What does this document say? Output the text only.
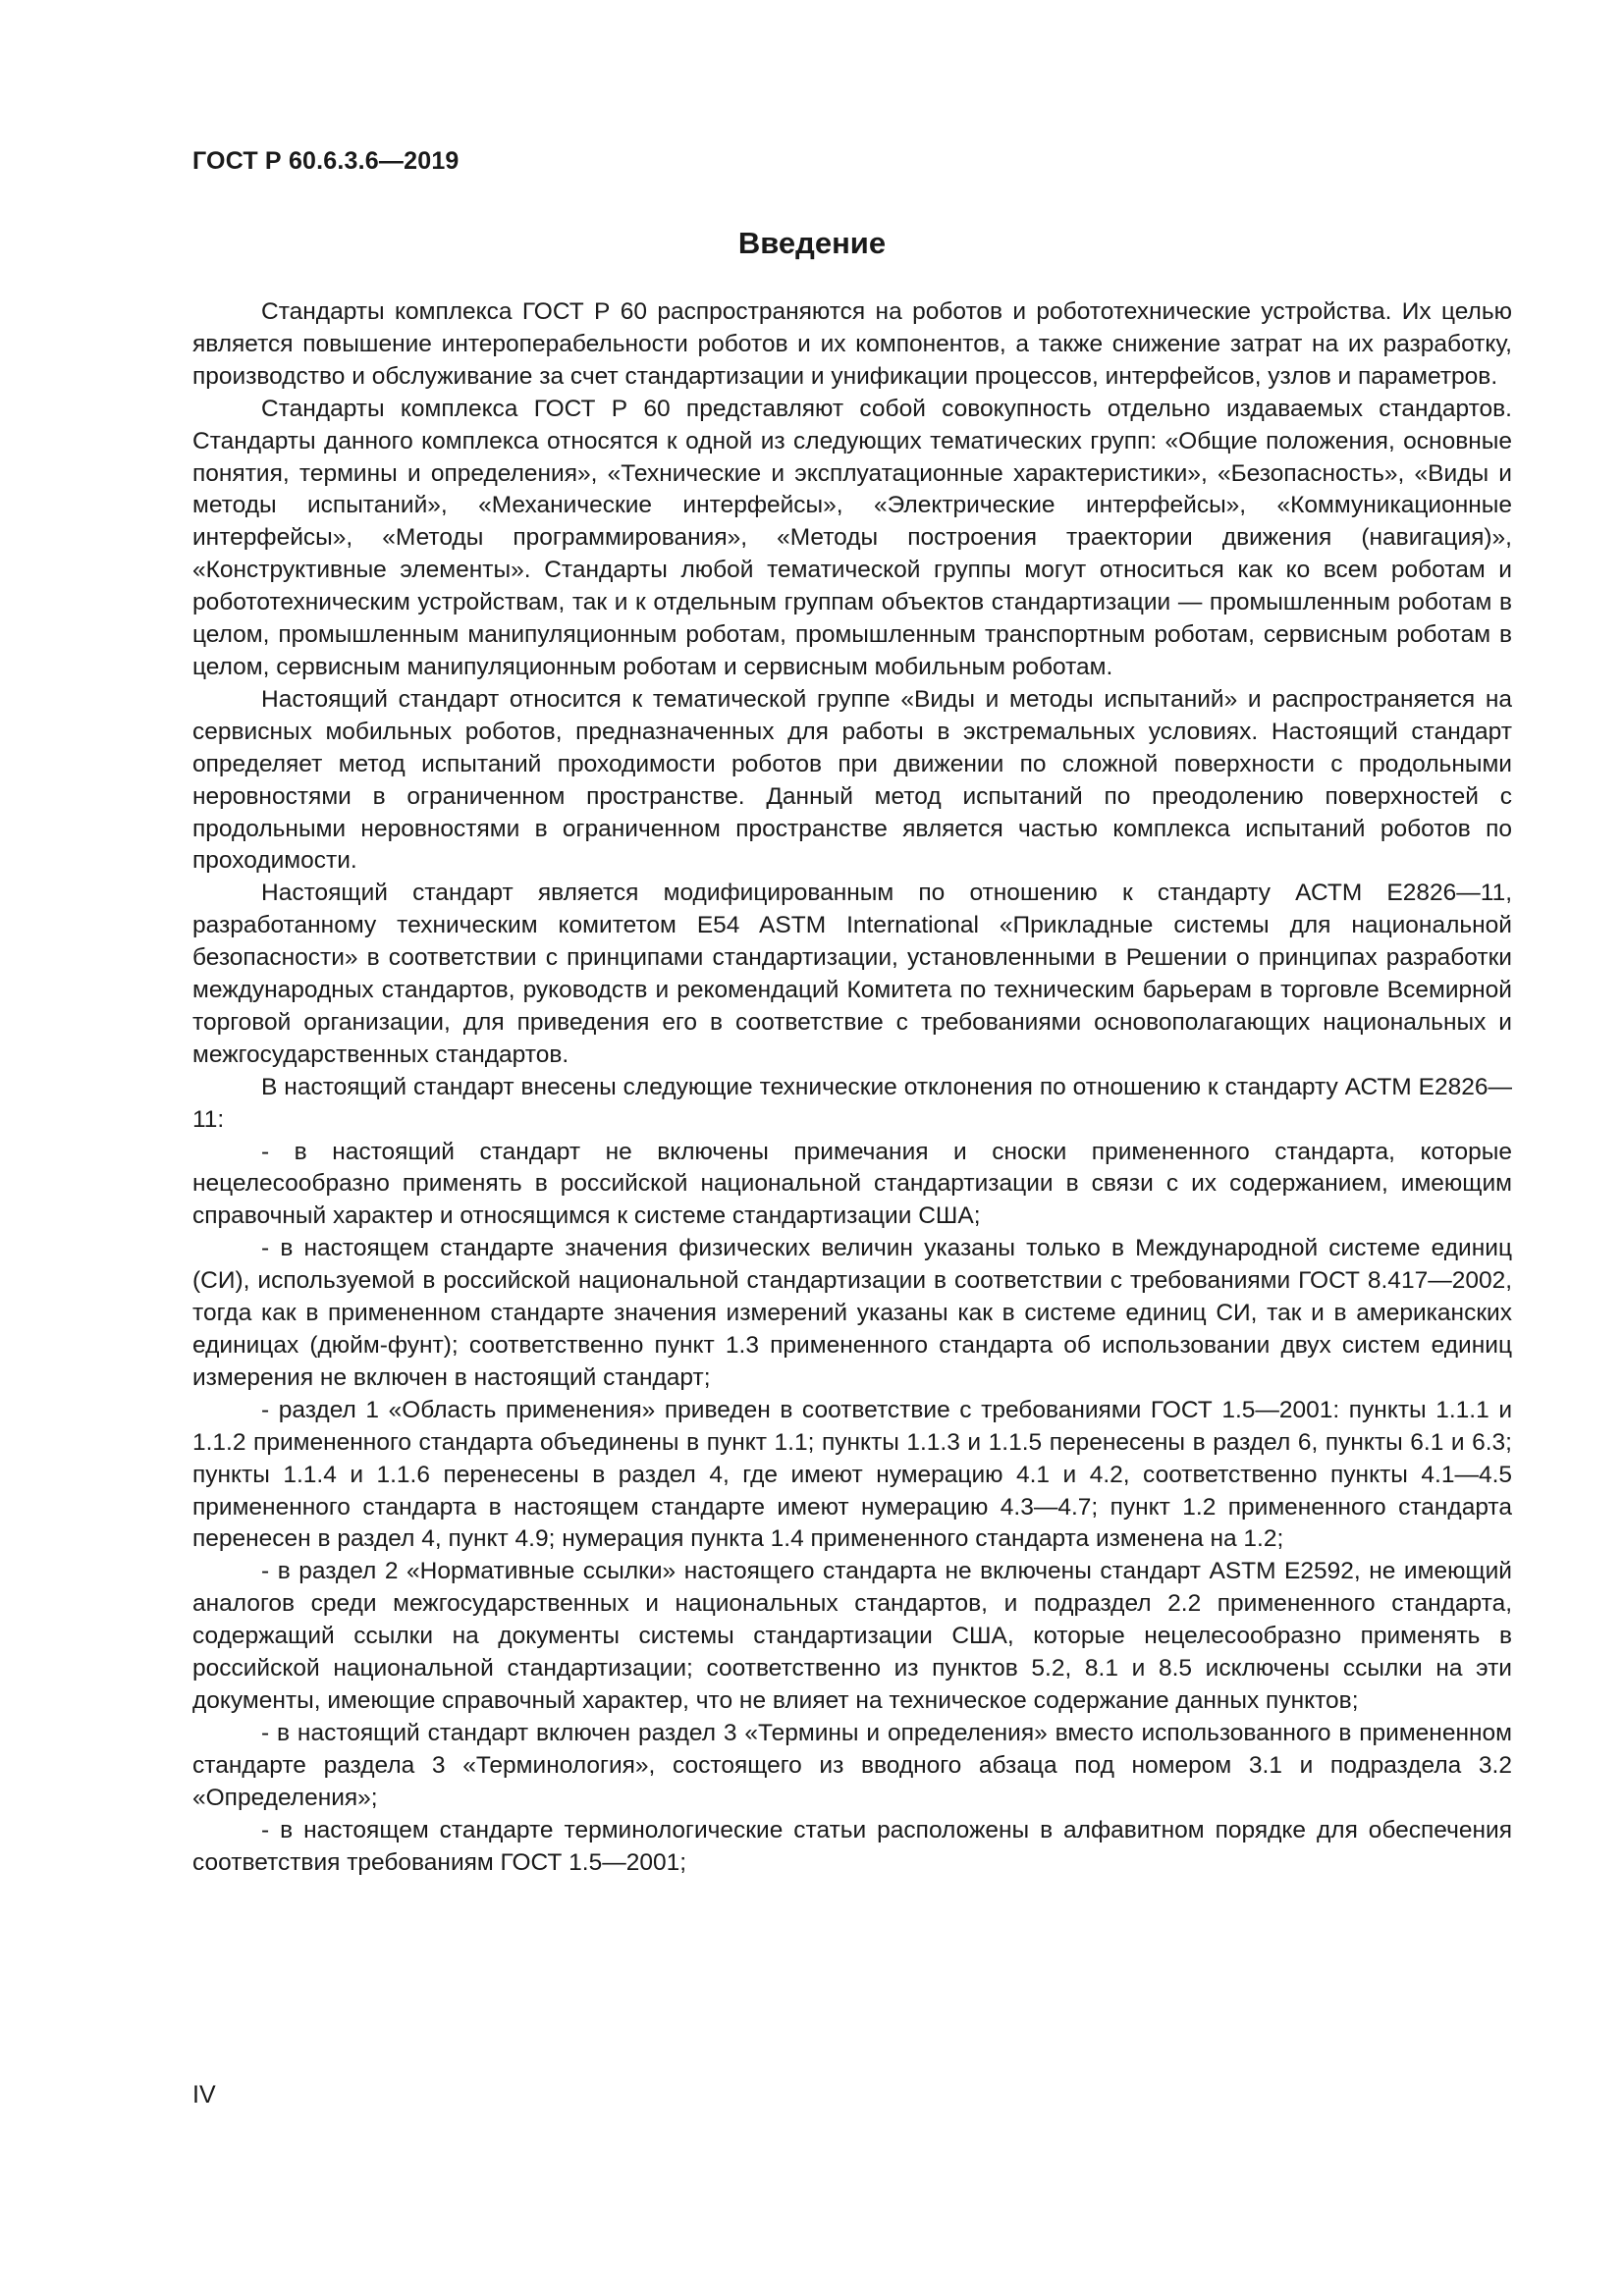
ГОСТ Р 60.6.3.6—2019
Введение

Стандарты комплекса ГОСТ Р 60 распространяются на роботов и робототехнические устройства. Их целью является повышение интероперабельности роботов и их компонентов, а также снижение затрат на их разработку, производство и обслуживание за счет стандартизации и унификации процессов, интерфейсов, узлов и параметров.

Стандарты комплекса ГОСТ Р 60 представляют собой совокупность отдельно издаваемых стандартов. Стандарты данного комплекса относятся к одной из следующих тематических групп: «Общие положения, основные понятия, термины и определения», «Технические и эксплуатационные характеристики», «Безопасность», «Виды и методы испытаний», «Механические интерфейсы», «Электрические интерфейсы», «Коммуникационные интерфейсы», «Методы программирования», «Методы построения траектории движения (навигация)», «Конструктивные элементы». Стандарты любой тематической группы могут относиться как ко всем роботам и робототехническим устройствам, так и к отдельным группам объектов стандартизации — промышленным роботам в целом, промышленным манипуляционным роботам, промышленным транспортным роботам, сервисным роботам в целом, сервисным манипуляционным роботам и сервисным мобильным роботам.

Настоящий стандарт относится к тематической группе «Виды и методы испытаний» и распространяется на сервисных мобильных роботов, предназначенных для работы в экстремальных условиях. Настоящий стандарт определяет метод испытаний проходимости роботов при движении по сложной поверхности с продольными неровностями в ограниченном пространстве. Данный метод испытаний по преодолению поверхностей с продольными неровностями в ограниченном пространстве является частью комплекса испытаний роботов по проходимости.

Настоящий стандарт является модифицированным по отношению к стандарту АСТМ Е2826—11, разработанному техническим комитетом E54 ASTM International «Прикладные системы для национальной безопасности» в соответствии с принципами стандартизации, установленными в Решении о принципах разработки международных стандартов, руководств и рекомендаций Комитета по техническим барьерам в торговле Всемирной торговой организации, для приведения его в соответствие с требованиями основополагающих национальных и межгосударственных стандартов.

В настоящий стандарт внесены следующие технические отклонения по отношению к стандарту АСТМ Е2826—11:

- в настоящий стандарт не включены примечания и сноски примененного стандарта, которые нецелесообразно применять в российской национальной стандартизации в связи с их содержанием, имеющим справочный характер и относящимся к системе стандартизации США;

- в настоящем стандарте значения физических величин указаны только в Международной системе единиц (СИ), используемой в российской национальной стандартизации в соответствии с требованиями ГОСТ 8.417—2002, тогда как в примененном стандарте значения измерений указаны как в системе единиц СИ, так и в американских единицах (дюйм-фунт); соответственно пункт 1.3 примененного стандарта об использовании двух систем единиц измерения не включен в настоящий стандарт;

- раздел 1 «Область применения» приведен в соответствие с требованиями ГОСТ 1.5—2001: пункты 1.1.1 и 1.1.2 примененного стандарта объединены в пункт 1.1; пункты 1.1.3 и 1.1.5 перенесены в раздел 6, пункты 6.1 и 6.3; пункты 1.1.4 и 1.1.6 перенесены в раздел 4, где имеют нумерацию 4.1 и 4.2, соответственно пункты 4.1—4.5 примененного стандарта в настоящем стандарте имеют нумерацию 4.3—4.7; пункт 1.2 примененного стандарта перенесен в раздел 4, пункт 4.9; нумерация пункта 1.4 примененного стандарта изменена на 1.2;

- в раздел 2 «Нормативные ссылки» настоящего стандарта не включены стандарт ASTM E2592, не имеющий аналогов среди межгосударственных и национальных стандартов, и подраздел 2.2 примененного стандарта, содержащий ссылки на документы системы стандартизации США, которые нецелесообразно применять в российской национальной стандартизации; соответственно из пунктов 5.2, 8.1 и 8.5 исключены ссылки на эти документы, имеющие справочный характер, что не влияет на техническое содержание данных пунктов;

- в настоящий стандарт включен раздел 3 «Термины и определения» вместо использованного в примененном стандарте раздела 3 «Терминология», состоящего из вводного абзаца под номером 3.1 и подраздела 3.2 «Определения»;

- в настоящем стандарте терминологические статьи расположены в алфавитном порядке для обеспечения соответствия требованиям ГОСТ 1.5—2001;

IV
